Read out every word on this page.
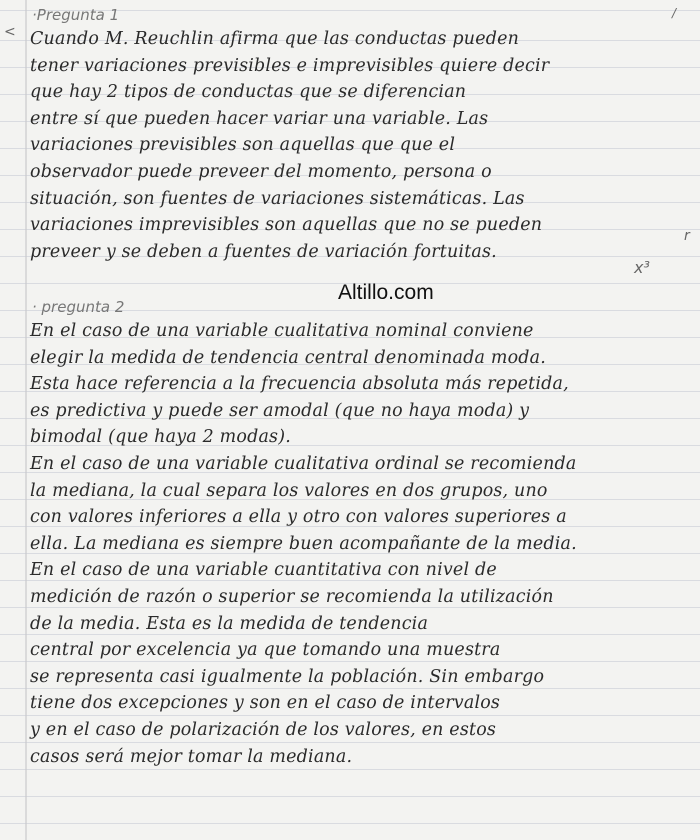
/
<
·Pregunta 1
Cuando M. Reuchlin afirma que las conductas pueden
tener variaciones previsibles e imprevisibles quiere decir
que hay 2 tipos de conductas que se diferencian
entre sí que pueden hacer variar una variable. Las
variaciones previsibles son aquellas que que el
observador puede preveer del momento, persona o
situación, son fuentes de variaciones sistemáticas. Las
variaciones imprevisibles son aquellas que no se pueden
preveer y se deben a fuentes de variación fortuitas.
r
x³
Altillo.com
· pregunta 2
En el caso de una variable cualitativa nominal conviene
elegir la medida de tendencia central denominada moda.
Esta hace referencia a la frecuencia absoluta más repetida,
es predictiva y puede ser amodal (que no haya moda) y
bimodal (que haya 2 modas).
En el caso de una variable cualitativa ordinal se recomienda
la mediana, la cual separa los valores en dos grupos, uno
con valores inferiores a ella y otro con valores superiores a
ella. La mediana es siempre buen acompañante de la media.
En el caso de una variable cuantitativa con nivel de
medición de razón o superior se recomienda la utilización
de la media. Esta es la medida de tendencia
central por excelencia ya que tomando una muestra
se representa casi igualmente la población. Sin embargo
tiene dos excepciones y son en el caso de intervalos
y en el caso de polarización de los valores, en estos
casos será mejor tomar la mediana.
